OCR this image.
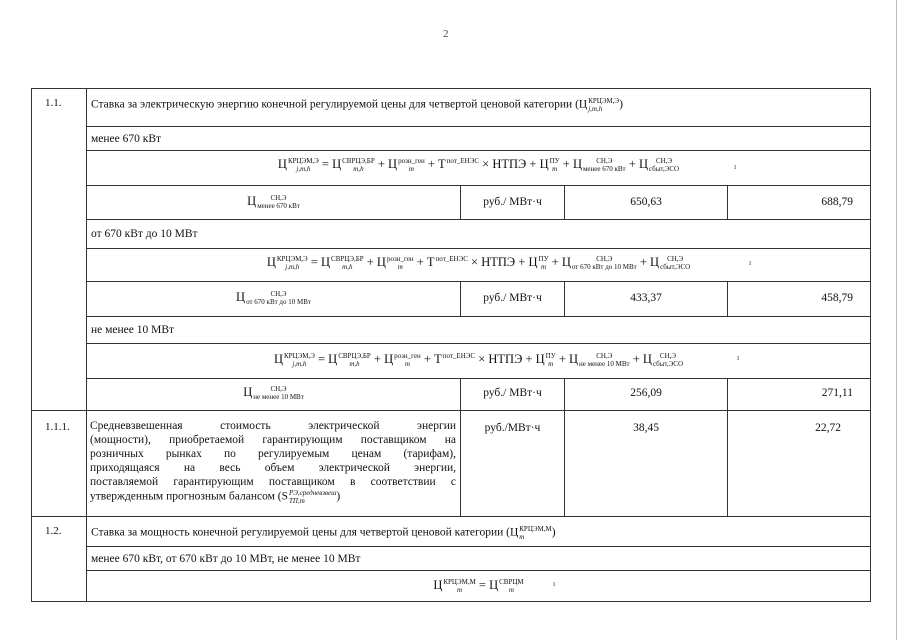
2
1.1.	Ставка за электрическую энергию конечной регулируемой цены для четвертой ценовой категории (Ц КРЦЭМ,Э
j,m,h	)
менее 670 кВт
Ц КРЦЭМ,Э
j,m,h = Ц СВРЦЭ,БР
m,h	+ Ц розн_ген
m	+ Т пот_ЕНЭС
× НТПЭ + Ц ПУ
m + Ц	СН,Э
менее 670 кВт + Ц	СН,Э
сбыт,ЭСО	ı
Ц	СН,Э
менее 670 кВт	руб./ МВт·ч	650,63	688,79
от 670 кВт до 10 МВт
Ц КРЦЭМ,Э
j,m,h = Ц СВРЦЭ,БР
m,h	+ Ц розн_ген
m	+ Т пот_ЕНЭС
× НТПЭ + Ц ПУ
m + Ц	СН,Э
от 670 кВт до 10 МВт + Ц	СН,Э
сбыт,ЭСО
ı
Ц	СН,Э
от 670 кВт до 10 МВт	руб./ МВт·ч	433,37	458,79
не менее 10 МВт
Ц КРЦЭМ,Э
j,m,h = Ц СВРЦЭ,БР
m,h	+ Ц розн_ген
m	+ Т пот_ЕНЭС
× НТПЭ + Ц ПУ
m + Ц	СН,Э
не менее 10 МВт + Ц	СН,Э
сбыт,ЭСО
ı
Ц	СН,Э
не менее 10 МВт	руб./ МВт·ч	256,09	271,11
1.1.1. Средневзвешенная стоимость электрической энергии
(мощности), приобретаемой гарантирующим поставщиком на
розничных рынках по регулируемым ценам (тарифам),
приходящаяся на весь объем электрической энергии,
поставляемой гарантирующим поставщиком в соответствии с
утвержденным прогнозным балансом (S РЭ,средневзвеш
ТП,m	)
руб./МВт·ч	38,45	22,72
1.2.	Ставка за мощность конечной регулируемой цены для четвертой ценовой категории (Ц КРЦЭМ,М
m	)
менее 670 кВт, от 670 кВт до 10 МВт, не менее 10 МВт
Ц КРЦЭМ,М
m	= Ц СВРЦМ
m
ı
